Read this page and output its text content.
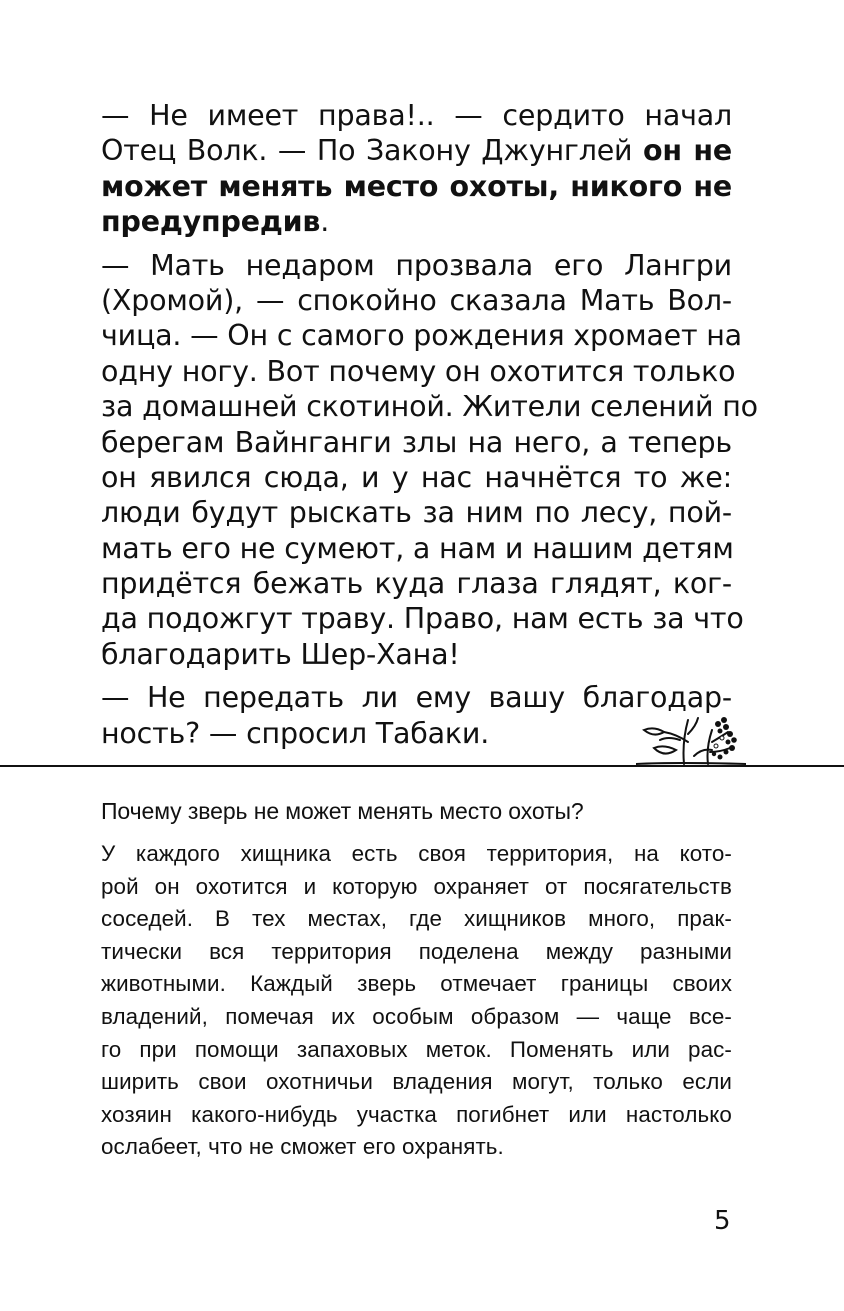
— Не имеет права!.. — сердито начал
Отец Волк. — По Закону Джунглей он не
может менять место охоты, никого не
предупредив.
— Мать недаром прозвала его Лангри
(Хромой), — спокойно сказала Мать Вол-
чица. — Он с самого рождения хромает на
одну ногу. Вот почему он охотится только
за домашней скотиной. Жители селений по
берегам Вайнганги злы на него, а теперь
он явился сюда, и у нас начнётся то же:
люди будут рыскать за ним по лесу, пой-
мать его не сумеют, а нам и нашим детям
придётся бежать куда глаза глядят, ког-
да подожгут траву. Право, нам есть за что
благодарить Шер-Хана!
— Не передать ли ему вашу благодар-
ность? — спросил Табаки.
Почему зверь не может менять место охоты?
У каждого хищника есть своя территория, на кото-
рой он охотится и которую охраняет от посягательств
соседей. В тех местах, где хищников много, прак-
тически вся территория поделена между разными
животными. Каждый зверь отмечает границы своих
владений, помечая их особым образом — чаще все-
го при помощи запаховых меток. Поменять или рас-
ширить свои охотничьи владения могут, только если
хозяин какого-нибудь участка погибнет или настолько
ослабеет, что не сможет его охранять.
5
